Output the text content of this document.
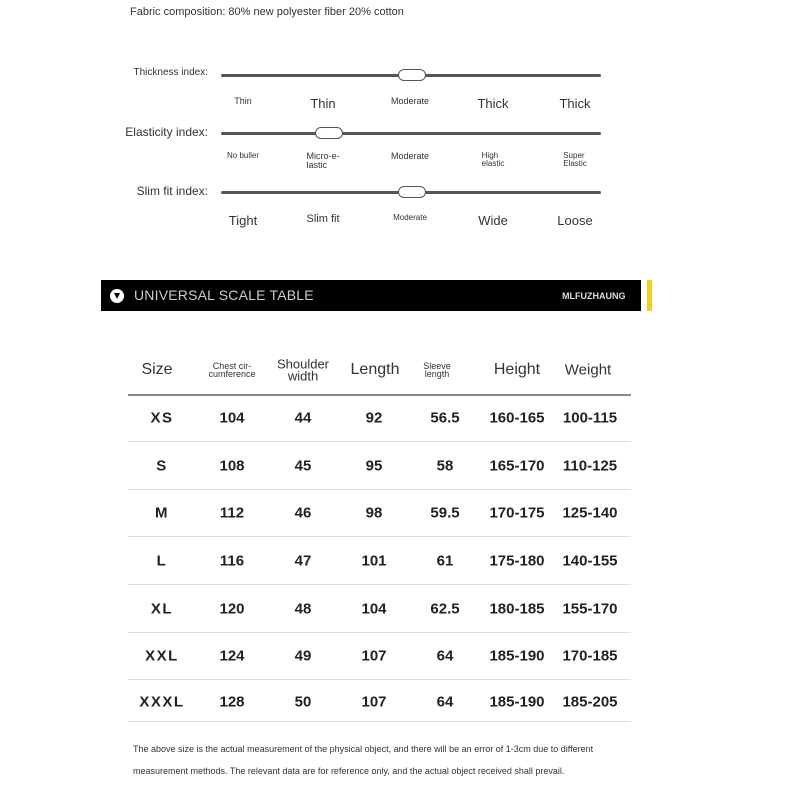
Fabric composition: 80% new polyester fiber 20% cotton
UNIVERSAL SCALE TABLE	MLFUZHAUNG
The above size is the actual measurement of the physical object, and there will be an error of 1-3cm due to different
measurement methods. The relevant data are for reference only, and the actual object received shall prevail.
Thickness index:
Thin	Thin	Moderate	Thick	Thick
Elasticity index:
No buller	Micro-e-
lastic
Moderate	High
elastic
Super
Elastic
Slim fit index:
Tight	Slim fit	Moderate	Wide	Loose
Size	Chest cir-
cumference
Shoulder
width	Length	Sleeve
length	Height Weight
XS	104	44	92	56.5 160-165 100-115
S	108	45	95	58 165-170 110-125
M	112	46	98	59.5 170-175 125-140
L	116	47	101	61 175-180 140-155
XL	120	48	104	62.5 180-185 155-170
XXL	124	49	107	64 185-190 170-185
XXXL 128	50	107	64 185-190 185-205
